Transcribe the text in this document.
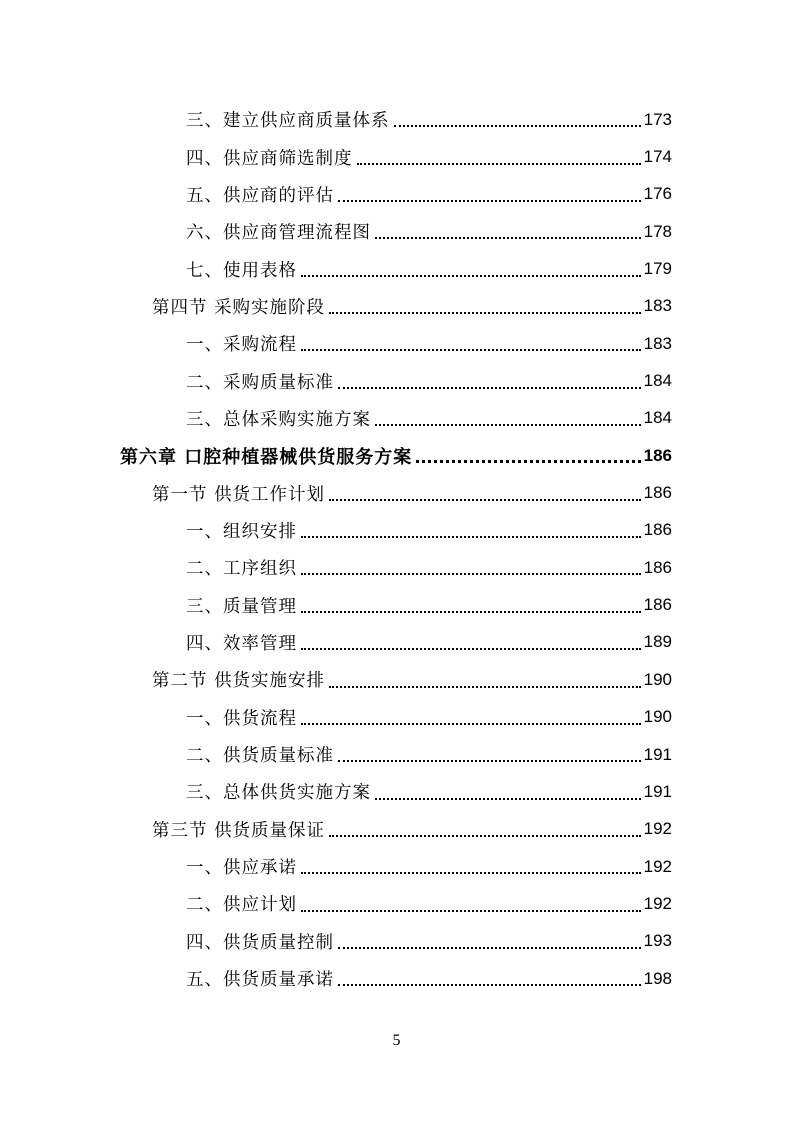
三、建立供应商质量体系	173
四、供应商筛选制度	174
五、供应商的评估	176
六、供应商管理流程图	178
七、使用表格	179
第四节 采购实施阶段	183
一、采购流程	183
二、采购质量标准	184
三、总体采购实施方案	184
第六章 口腔种植器械供货服务方案	186
第一节 供货工作计划	186
一、组织安排	186
二、工序组织	186
三、质量管理	186
四、效率管理	189
第二节 供货实施安排	190
一、供货流程	190
二、供货质量标准	191
三、总体供货实施方案	191
第三节 供货质量保证	192
一、供应承诺	192
二、供应计划	192
四、供货质量控制	193
五、供货质量承诺	198
5
